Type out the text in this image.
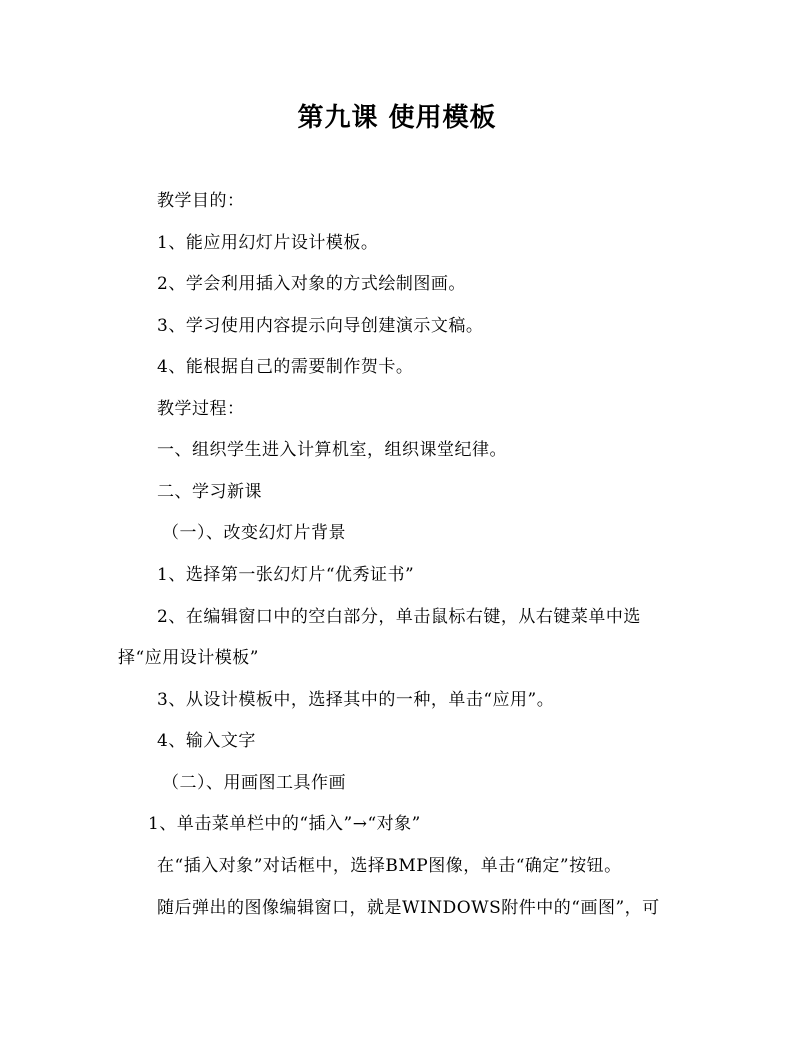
第九课 使用模板
教学目的：
1、能应用幻灯片设计模板。
2、学会利用插入对象的方式绘制图画。
3、学习使用内容提示向导创建演示文稿。
4、能根据自己的需要制作贺卡。
教学过程：
一、组织学生进入计算机室，组织课堂纪律。
二、学习新课
（一）、改变幻灯片背景
1、选择第一张幻灯片“优秀证书”
2、在编辑窗口中的空白部分，单击鼠标右键，从右键菜单中选
择“应用设计模板”
3、从设计模板中，选择其中的一种，单击“应用”。
4、输入文字
（二）、用画图工具作画
1、单击菜单栏中的“插入”→“对象”
在“插入对象”对话框中，选择BMP图像，单击“确定”按钮。
随后弹出的图像编辑窗口，就是WINDOWS附件中的“画图”，可
